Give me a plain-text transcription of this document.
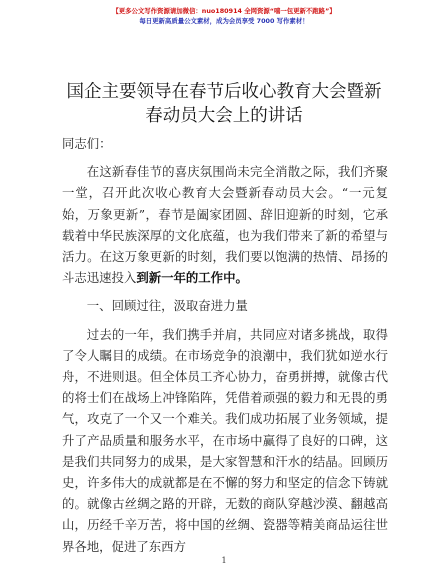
【更多公文写作资源请加微信：nuo180914 全网资源“嘻一包更新不跑路”】
每日更新高质量公文素材，成为会员享受 7000 写作素材！
国企主要领导在春节后收心教育大会暨新春动员大会上的讲话

同志们：

在这新春佳节的喜庆氛围尚未完全消散之际，我们齐聚一堂，召开此次收心教育大会暨新春动员大会。“一元复始，万象更新”，春节是阖家团圆、辞旧迎新的时刻，它承载着中华民族深厚的文化底蕴，也为我们带来了新的希望与活力。在这万象更新的时刻，我们要以饱满的热情、昂扬的斗志迅速投入到新一年的工作中。

一、回顾过往，汲取奋进力量

过去的一年，我们携手并肩，共同应对诸多挑战，取得了令人瞩目的成绩。在市场竞争的浪潮中，我们犹如逆水行舟，不进则退。但全体员工齐心协力，奋勇拼搏，就像古代的将士们在战场上冲锋陷阵，凭借着顽强的毅力和无畏的勇气，攻克了一个又一个难关。我们成功拓展了业务领域，提升了产品质量和服务水平，在市场中赢得了良好的口碑，这是我们共同努力的成果，是大家智慧和汗水的结晶。回顾历史，许多伟大的成就都是在不懈的努力和坚定的信念下铸就的。就像古丝绸之路的开辟，无数的商队穿越沙漠、翻越高山，历经千辛万苦，将中国的丝绸、瓷器等精美商品运往世界各地，促进了东西方

1
